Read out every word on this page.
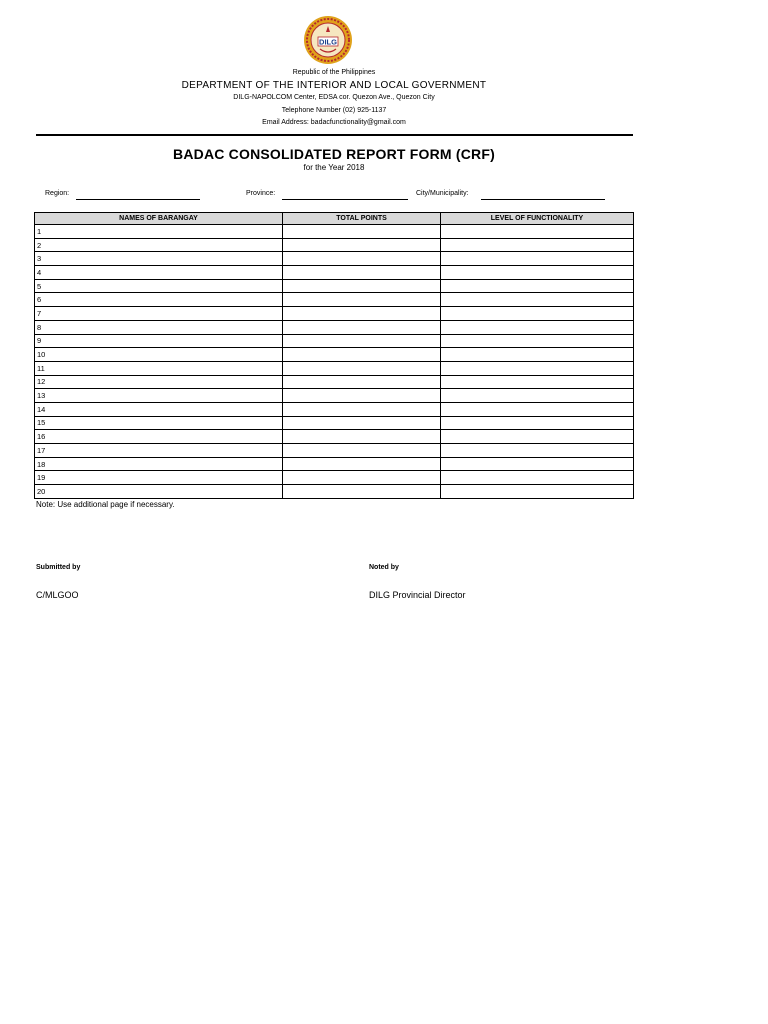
DILG
Republic of the Philippines
DEPARTMENT OF THE INTERIOR AND LOCAL GOVERNMENT
DILG-NAPOLCOM Center, EDSA cor. Quezon Ave., Quezon City
Telephone Number (02) 925-1137
Email Address: badacfunctionality@gmail.com
BADAC CONSOLIDATED REPORT FORM (CRF)
for the Year 2018
Region:	Province:	City/Municipality:
NAMES OF BARANGAY	TOTAL POINTS	LEVEL OF FUNCTIONALITY
1		
2		
3		
4		
5		
6		
7		
8		
9		
10		
11		
12		
13		
14		
15		
16		
17		
18		
19		
20		
Note: Use additional page if necessary.
Submitted by
C/MLGOO
Noted by
DILG Provincial Director
